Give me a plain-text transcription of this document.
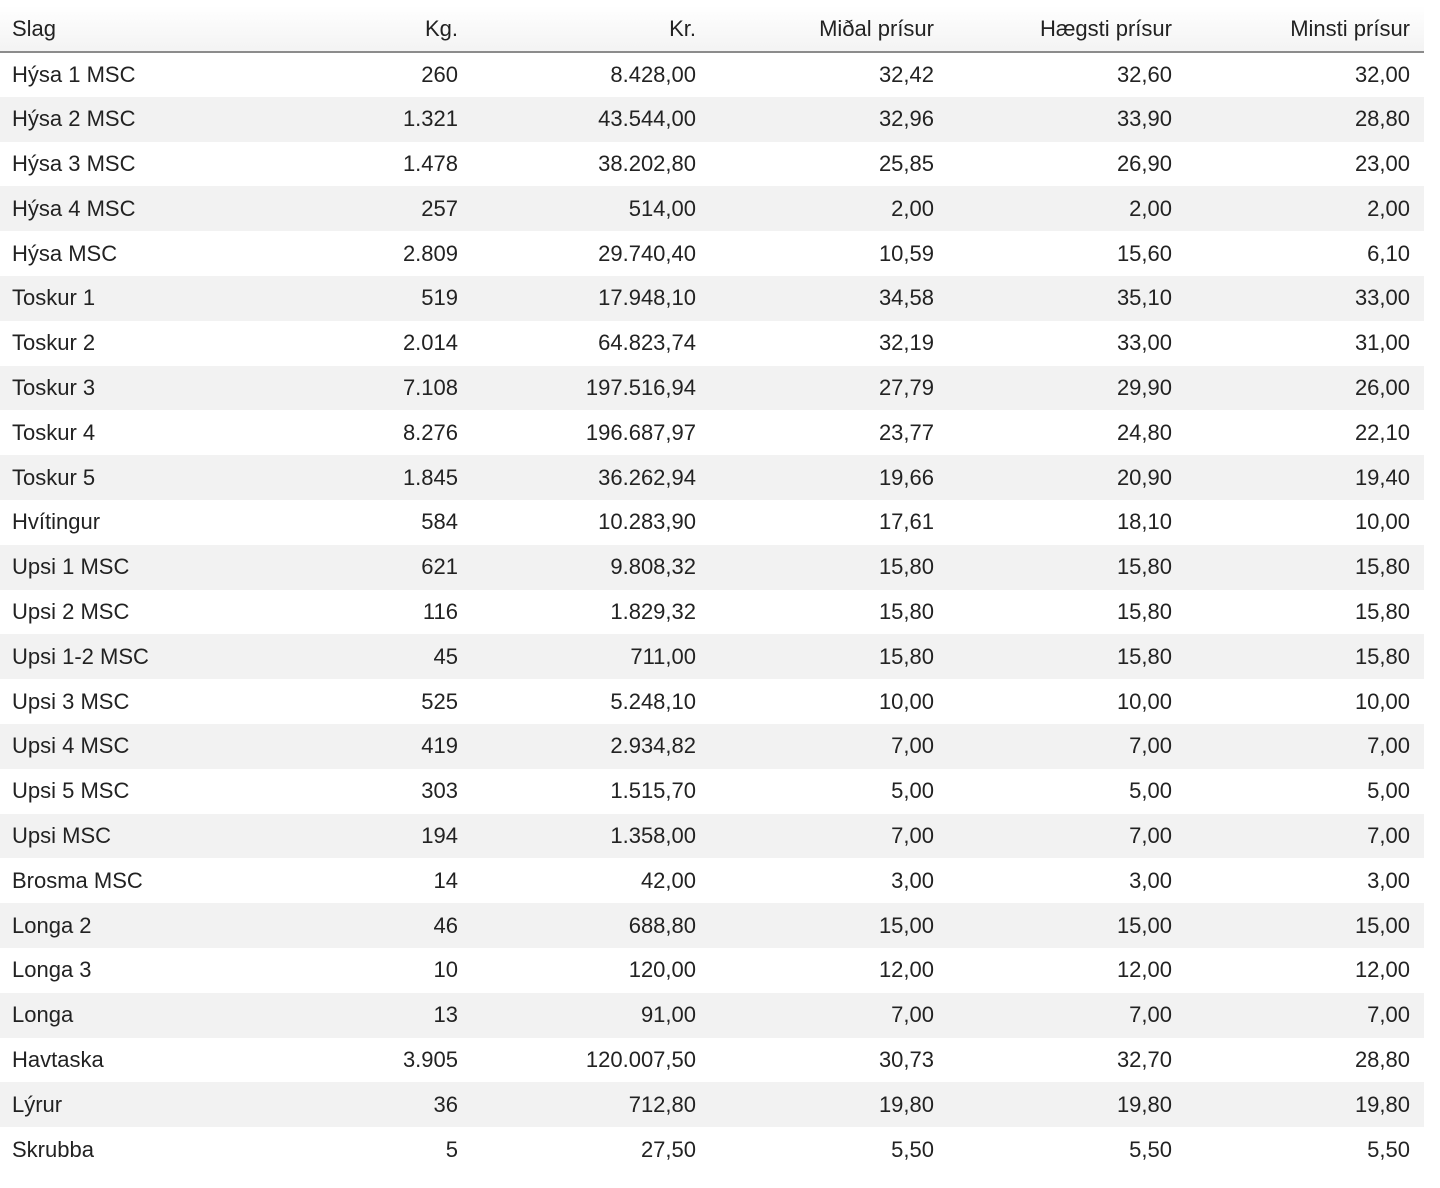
Slag	Kg.	Kr.	Miðal prísur	Hægsti prísur	Minsti prísur
Hýsa 1 MSC	260	8.428,00	32,42	32,60	32,00
Hýsa 2 MSC	1.321	43.544,00	32,96	33,90	28,80
Hýsa 3 MSC	1.478	38.202,80	25,85	26,90	23,00
Hýsa 4 MSC	257	514,00	2,00	2,00	2,00
Hýsa MSC	2.809	29.740,40	10,59	15,60	6,10
Toskur 1	519	17.948,10	34,58	35,10	33,00
Toskur 2	2.014	64.823,74	32,19	33,00	31,00
Toskur 3	7.108	197.516,94	27,79	29,90	26,00
Toskur 4	8.276	196.687,97	23,77	24,80	22,10
Toskur 5	1.845	36.262,94	19,66	20,90	19,40
Hvítingur	584	10.283,90	17,61	18,10	10,00
Upsi 1 MSC	621	9.808,32	15,80	15,80	15,80
Upsi 2 MSC	116	1.829,32	15,80	15,80	15,80
Upsi 1-2 MSC	45	711,00	15,80	15,80	15,80
Upsi 3 MSC	525	5.248,10	10,00	10,00	10,00
Upsi 4 MSC	419	2.934,82	7,00	7,00	7,00
Upsi 5 MSC	303	1.515,70	5,00	5,00	5,00
Upsi MSC	194	1.358,00	7,00	7,00	7,00
Brosma MSC	14	42,00	3,00	3,00	3,00
Longa 2	46	688,80	15,00	15,00	15,00
Longa 3	10	120,00	12,00	12,00	12,00
Longa	13	91,00	7,00	7,00	7,00
Havtaska	3.905	120.007,50	30,73	32,70	28,80
Lýrur	36	712,80	19,80	19,80	19,80
Skrubba	5	27,50	5,50	5,50	5,50
